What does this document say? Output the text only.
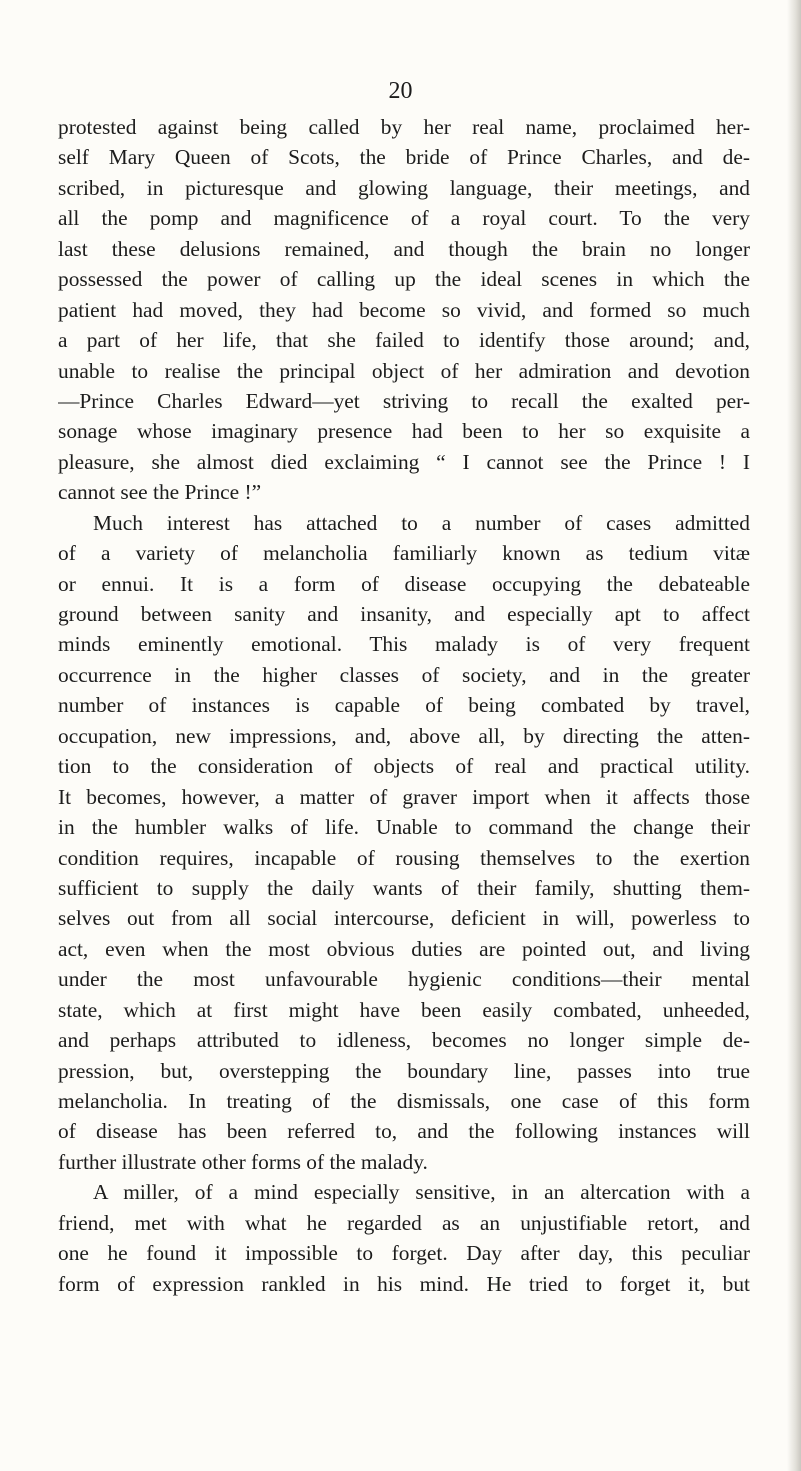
20
protested against being called by her real name, proclaimed her-
self Mary Queen of Scots, the bride of Prince Charles, and de-
scribed, in picturesque and glowing language, their meetings, and
all the pomp and magnificence of a royal court. To the very
last these delusions remained, and though the brain no longer
possessed the power of calling up the ideal scenes in which the
patient had moved, they had become so vivid, and formed so much
a part of her life, that she failed to identify those around; and,
unable to realise the principal object of her admiration and devotion
—Prince Charles Edward—yet striving to recall the exalted per-
sonage whose imaginary presence had been to her so exquisite a
pleasure, she almost died exclaiming “ I cannot see the Prince ! I
cannot see the Prince !”
Much interest has attached to a number of cases admitted
of a variety of melancholia familiarly known as tedium vitæ
or ennui. It is a form of disease occupying the debateable
ground between sanity and insanity, and especially apt to affect
minds eminently emotional. This malady is of very frequent
occurrence in the higher classes of society, and in the greater
number of instances is capable of being combated by travel,
occupation, new impressions, and, above all, by directing the atten-
tion to the consideration of objects of real and practical utility.
It becomes, however, a matter of graver import when it affects those
in the humbler walks of life. Unable to command the change their
condition requires, incapable of rousing themselves to the exertion
sufficient to supply the daily wants of their family, shutting them-
selves out from all social intercourse, deficient in will, powerless to
act, even when the most obvious duties are pointed out, and living
under the most unfavourable hygienic conditions—their mental
state, which at first might have been easily combated, unheeded,
and perhaps attributed to idleness, becomes no longer simple de-
pression, but, overstepping the boundary line, passes into true
melancholia. In treating of the dismissals, one case of this form
of disease has been referred to, and the following instances will
further illustrate other forms of the malady.
A miller, of a mind especially sensitive, in an altercation with a
friend, met with what he regarded as an unjustifiable retort, and
one he found it impossible to forget. Day after day, this peculiar
form of expression rankled in his mind. He tried to forget it, but
